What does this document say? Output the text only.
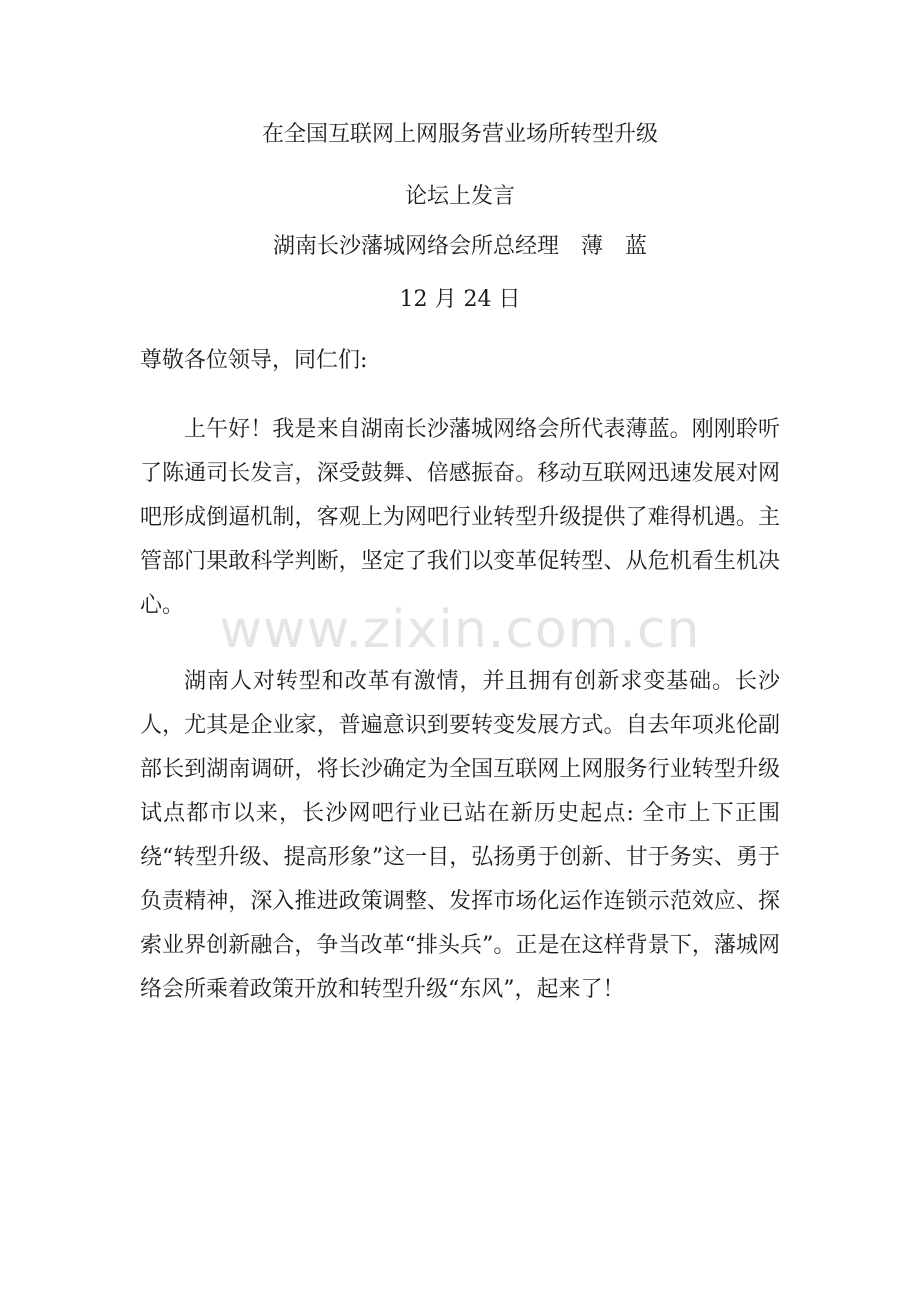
在全国互联网上网服务营业场所转型升级
论坛上发言
湖南长沙藩城网络会所总经理　薄　蓝
12 月 24 日
尊敬各位领导，同仁们:
上午好！我是来自湖南长沙藩城网络会所代表薄蓝。刚刚聆听了陈通司长发言，深受鼓舞、倍感振奋。移动互联网迅速发展对网吧形成倒逼机制，客观上为网吧行业转型升级提供了难得机遇。主管部门果敢科学判断，坚定了我们以变革促转型、从危机看生机决心。
湖南人对转型和改革有激情，并且拥有创新求变基础。长沙人，尤其是企业家，普遍意识到要转变发展方式。自去年项兆伦副部长到湖南调研，将长沙确定为全国互联网上网服务行业转型升级试点都市以来，长沙网吧行业已站在新历史起点: 全市上下正围绕“转型升级、提高形象”这一目，弘扬勇于创新、甘于务实、勇于负责精神，深入推进政策调整、发挥市场化运作连锁示范效应、探索业界创新融合，争当改革“排头兵”。正是在这样背景下，藩城网络会所乘着政策开放和转型升级“东风”，起来了！
www.zixin.com.cn
